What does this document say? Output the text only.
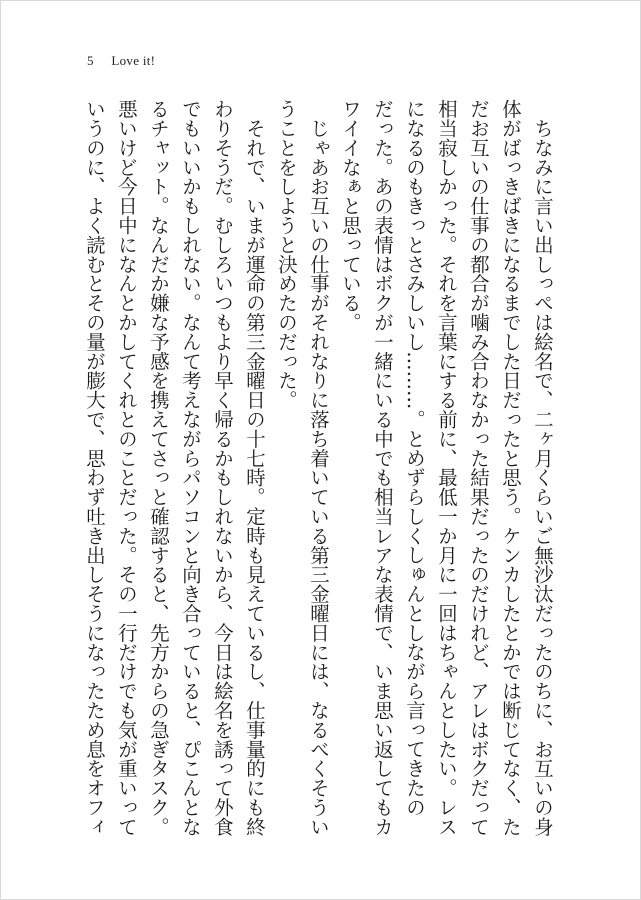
5 Love it!

　ちなみに言い出しっぺは絵名で、二ヶ月くらいご無沙汰だったのちに、お互いの身

体がばっきばきになるまでした日だったと思う。ケンカしたとかでは断じてなく、た

だお互いの仕事の都合が噛み合わなかった結果だったのだけれど、アレはボクだって

相当寂しかった。それを言葉にする前に、最低一か月に一回はちゃんとしたい。レス

になるのもきっとさみしいし………。とめずらしくしゅんとしながら言ってきたの

だった。あの表情はボクが一緒にいる中でも相当レアな表情で、いま思い返してもカ

ワイイなぁと思っている。

　じゃあお互いの仕事がそれなりに落ち着いている第三金曜日には、なるべくそうい

うことをしようと決めたのだった。

　それで、いまが運命の第三金曜日の十七時。定時も見えているし、仕事量的にも終

わりそうだ。むしろいつもより早く帰るかもしれないから、今日は絵名を誘って外食

でもいいかもしれない。なんて考えながらパソコンと向き合っていると、ぴこんとな

るチャット。なんだか嫌な予感を携えてさっと確認すると、先方からの急ぎタスク。

悪いけど今日中になんとかしてくれとのことだった。その一行だけでも気が重いって

いうのに、よく読むとその量が膨大で、思わず吐き出しそうになったため息をオフィ
